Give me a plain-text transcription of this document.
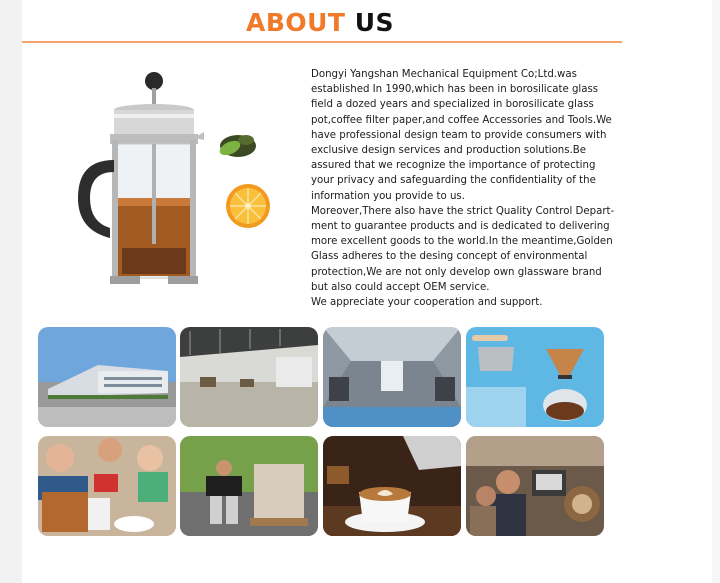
ABOUT US

Dongyi Yangshan Mechanical Equipment Co;Ltd.was
established In 1990,which has been in borosilicate glass
field a dozed years and specialized in borosilicate glass
pot,coffee filter paper,and coffee Accessories and Tools.We
have professional design team to provide consumers with
exclusive design services and production solutions.Be
assured that we recognize the importance of protecting
your privacy and safeguarding the confidentiality of the
information you provide to us.
Moreover,There also have the strict Quality Control Depart-
ment to guarantee products and is dedicated to delivering
more excellent goods to the world.In the meantime,Golden
Glass adheres to the desing concept of environmental
protection,We are not only develop own glassware brand
but also could accept OEM service.
We appreciate your cooperation and support.
